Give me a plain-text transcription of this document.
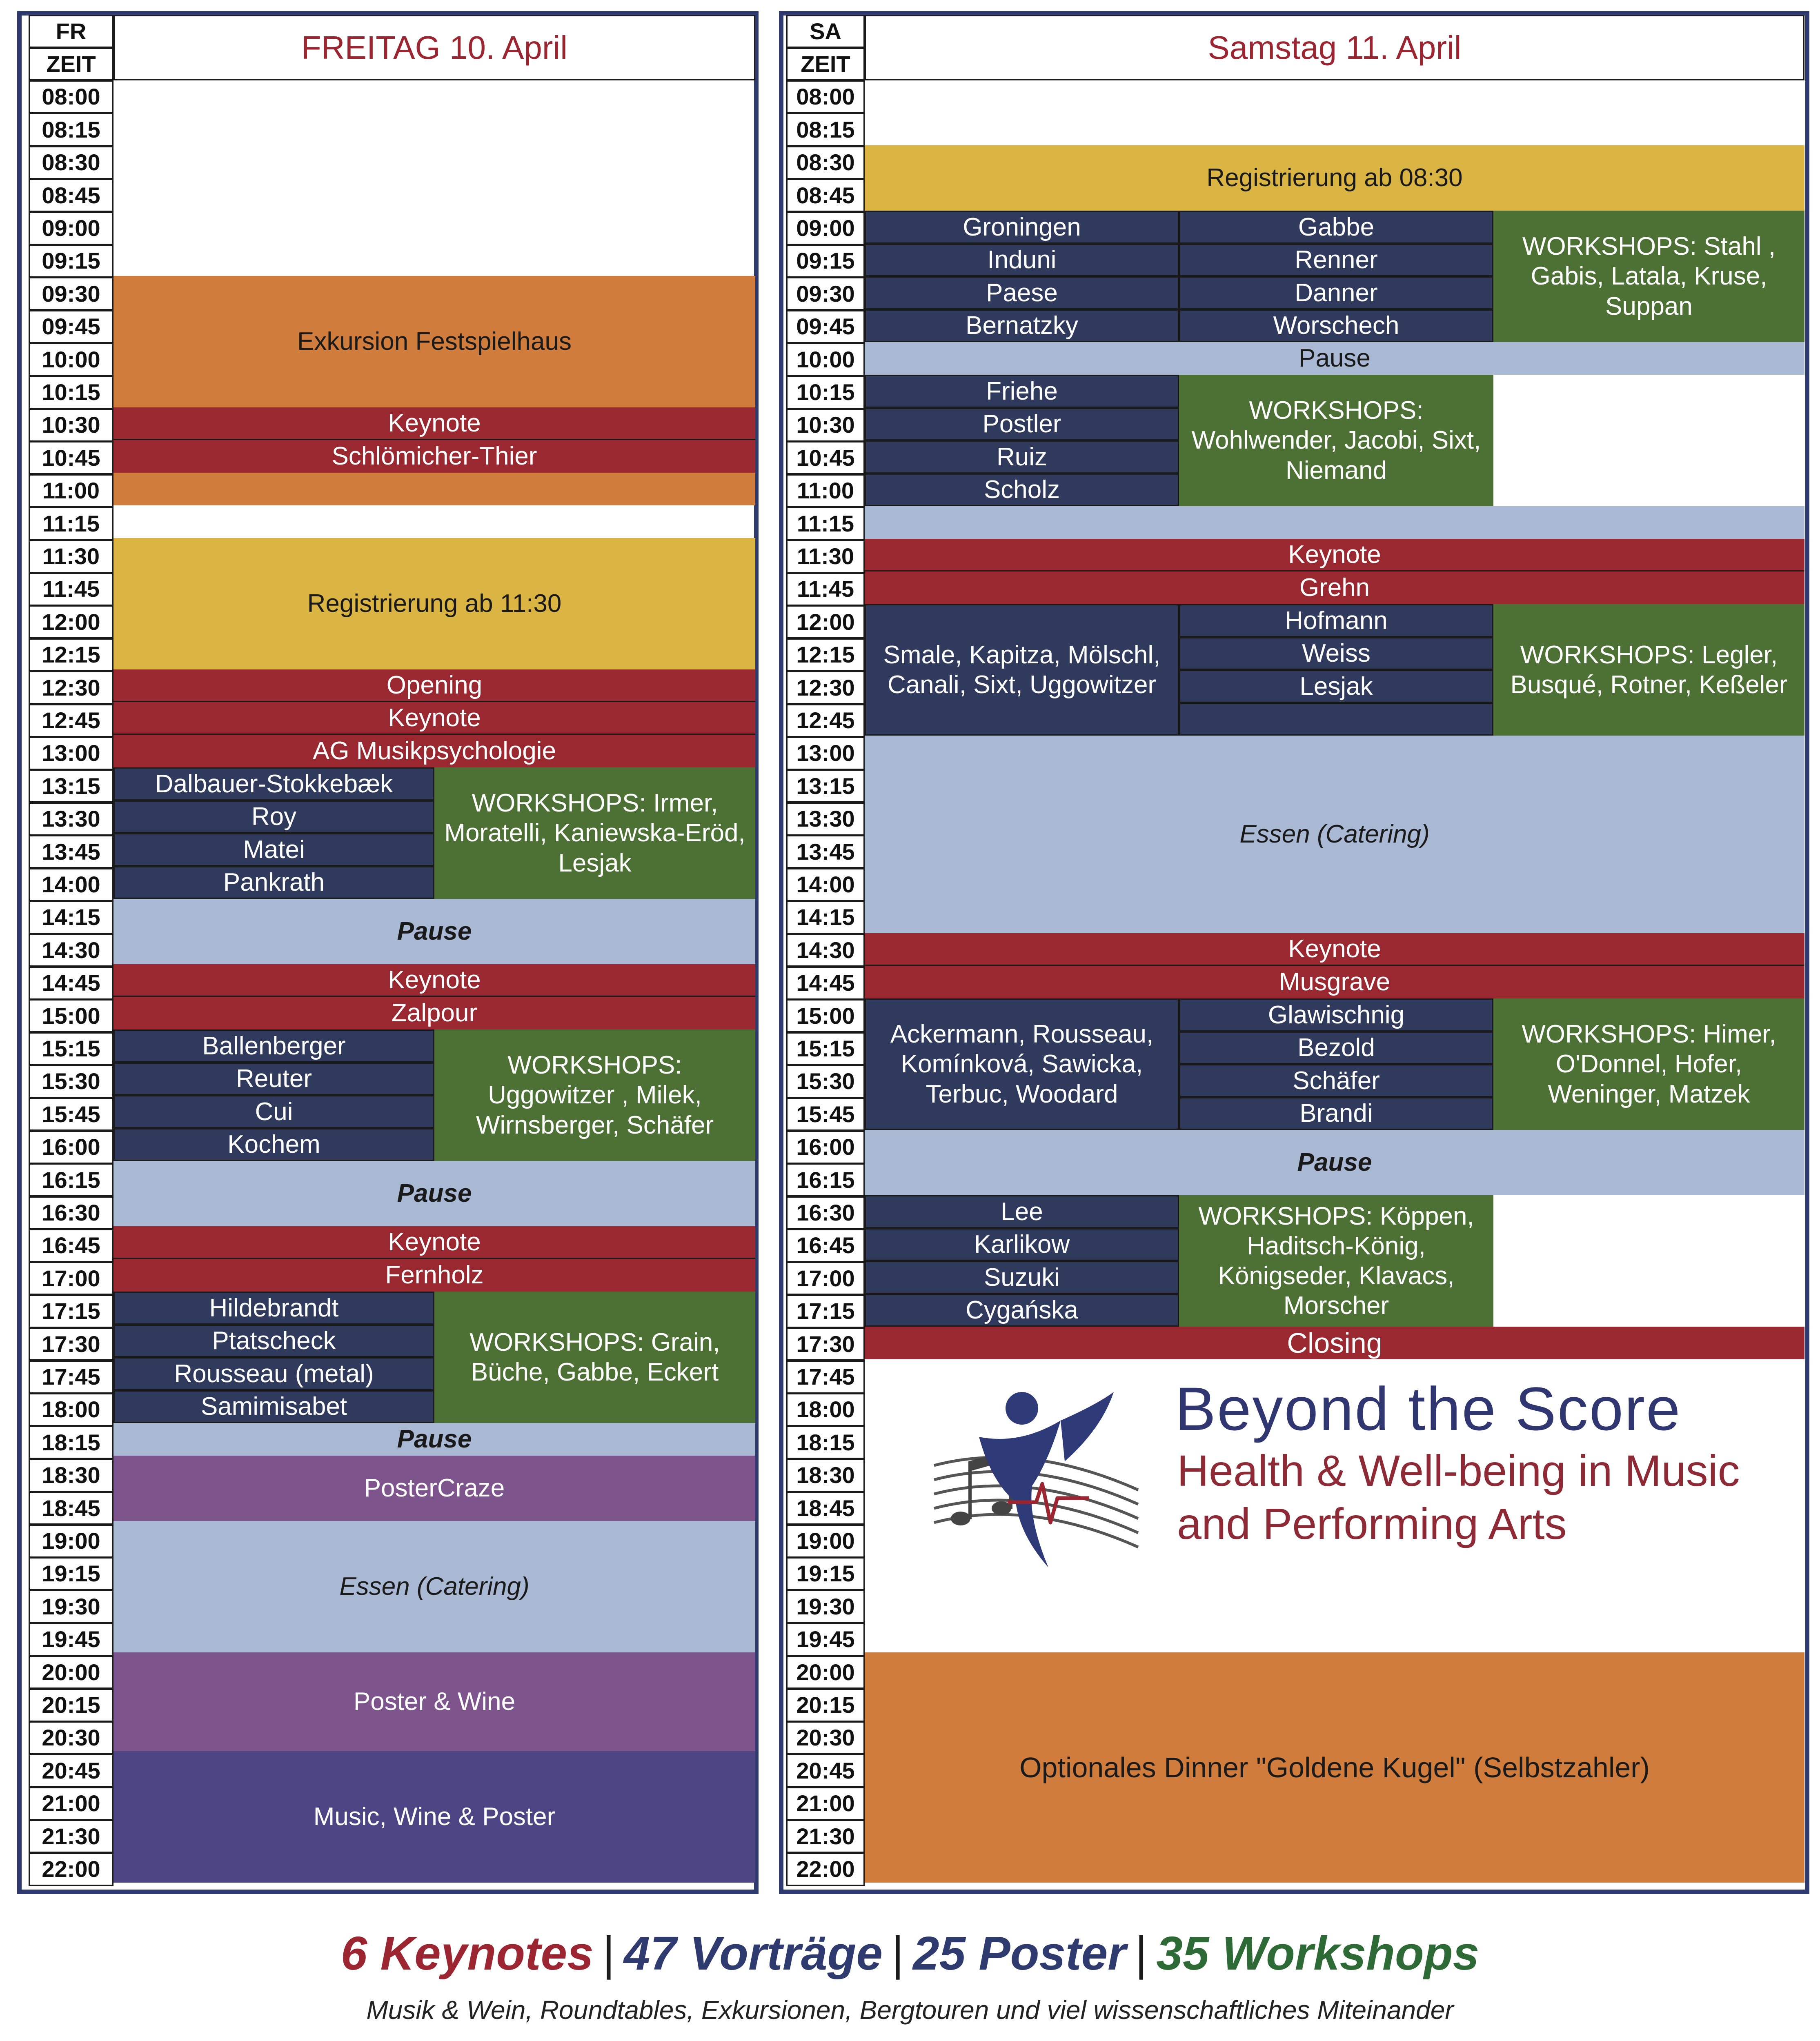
FR
ZEIT	FREITAG 10. April
08:00
08:15
08:30
08:45
09:00
09:15
09:30
09:45
10:00
10:15
10:30
10:45
11:00
11:15
11:30
11:45
12:00
12:15
12:30
12:45
13:00
13:15
13:30
13:45
14:00
14:15
14:30
14:45
15:00
15:15
15:30
15:45
16:00
16:15
16:30
16:45
17:00
17:15
17:30
17:45
18:00
18:15
18:30
18:45
19:00
19:15
19:30
19:45
20:00
20:15
20:30
20:45
21:00
21:30
22:00
Exkursion Festspielhaus
Keynote
Schlömicher-Thier
Registrierung ab 11:30
Opening
Keynote
AG Musikpsychologie
Dalbauer-Stokkebæk
Roy
Matei
Pankrath
WORKSHOPS: Irmer, Moratelli, Kaniewska-Eröd, Lesjak
Pause
Keynote
Zalpour
Ballenberger
Reuter
Cui
Kochem
WORKSHOPS: Uggowitzer , Milek, Wirnsberger, Schäfer
Pause
Keynote
Fernholz
Hildebrandt
Ptatscheck
Rousseau (metal)
Samimisabet
WORKSHOPS: Grain, Büche, Gabbe, Eckert
Pause
PosterCraze
Essen (Catering)
Poster & Wine
Music, Wine & Poster
SA
ZEIT	Samstag 11. April
08:00
08:15
08:30
08:45
09:00
09:15
09:30
09:45
10:00
10:15
10:30
10:45
11:00
11:15
11:30
11:45
12:00
12:15
12:30
12:45
13:00
13:15
13:30
13:45
14:00
14:15
14:30
14:45
15:00
15:15
15:30
15:45
16:00
16:15
16:30
16:45
17:00
17:15
17:30
17:45
18:00
18:15
18:30
18:45
19:00
19:15
19:30
19:45
20:00
20:15
20:30
20:45
21:00
21:30
22:00
Registrierung ab 08:30
Groningen
Induni
Paese
Bernatzky
Gabbe
Renner
Danner
Worschech
WORKSHOPS: Stahl , Gabis, Latala, Kruse, Suppan
Pause
Friehe
Postler
Ruiz
Scholz
WORKSHOPS: Wohlwender, Jacobi, Sixt, Niemand
Keynote
Grehn
Smale, Kapitza, Mölschl, Canali, Sixt, Uggowitzer
Hofmann
Weiss
Lesjak
WORKSHOPS: Legler, Busqué, Rotner, Keßeler
Essen (Catering)
Keynote
Musgrave
Ackermann, Rousseau, Komínková, Sawicka, Terbuc, Woodard
Glawischnig
Bezold
Schäfer
Brandi
WORKSHOPS: Himer, O'Donnel, Hofer, Weninger, Matzek
Pause
Lee
Karlikow
Suzuki
Cygańska
WORKSHOPS: Köppen, Haditsch-König, Königseder, Klavacs, Morscher
Closing
Optionales Dinner "Goldene Kugel" (Selbstzahler)
Beyond the Score
Health & Well-being in Music
and Performing Arts
6 Keynotes | 47 Vorträge | 25 Poster | 35 Workshops
Musik & Wein, Roundtables, Exkursionen, Bergtouren und viel wissenschaftliches Miteinander
